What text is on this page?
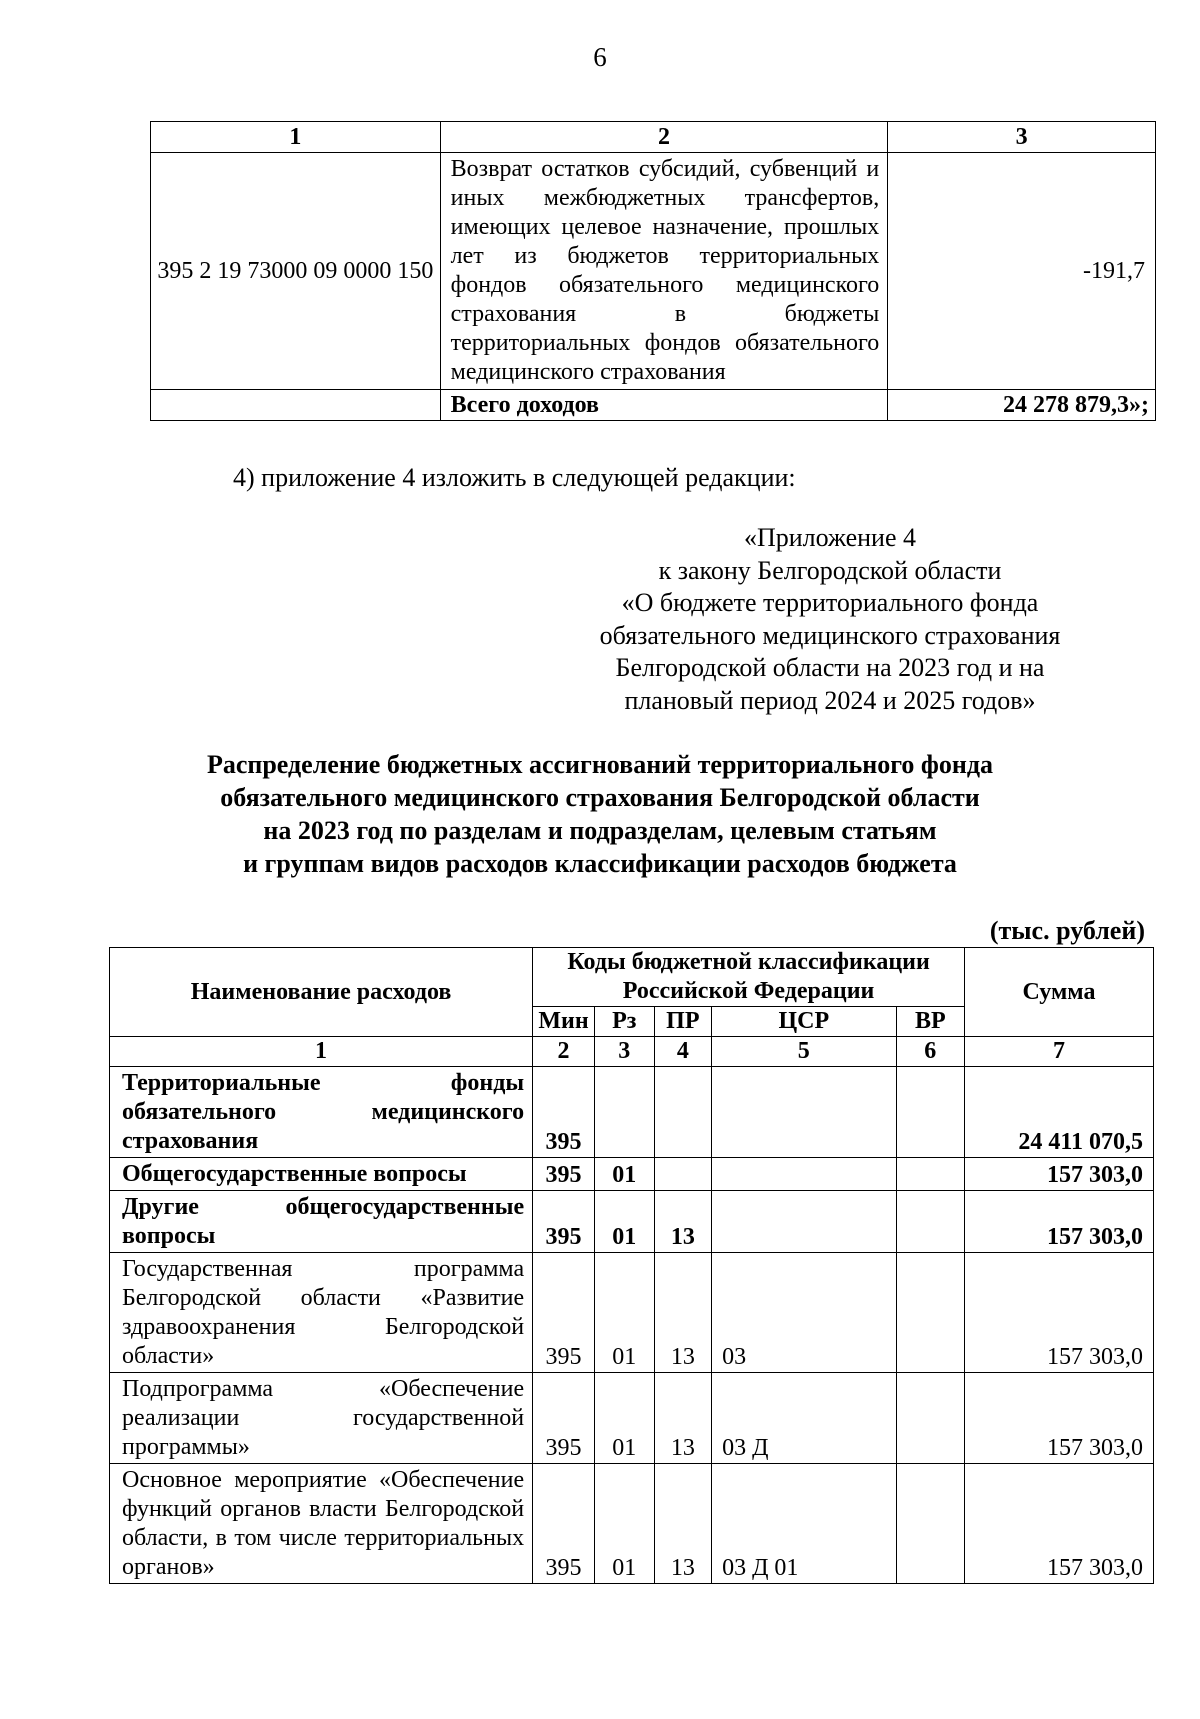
6
1	2	3
395 2 19 73000 09 0000 150	Возврат остатков субсидий, субвенций и иных межбюджетных трансфертов, имеющих целевое назначение, прошлых лет из бюджетов территориальных фондов обязательного медицинского страхования в бюджеты территориальных фондов обязательного медицинского страхования	-191,7
	Всего доходов	24 278 879,3»;
4) приложение 4 изложить в следующей редакции:
«Приложение 4
к закону Белгородской области
«О бюджете территориального фонда
обязательного медицинского страхования
Белгородской области на 2023 год и на
плановый период 2024 и 2025 годов»
Распределение бюджетных ассигнований территориального фонда
обязательного медицинского страхования Белгородской области
на 2023 год по разделам и подразделам, целевым статьям
и группам видов расходов классификации расходов бюджета
(тыс. рублей)
Наименование расходов	Коды бюджетной классификации Российской Федерации					Сумма
	Мин	Рз	ПР	ЦСР	ВР	
1	2	3	4	5	6	7
Территориальные фонды обязательного медицинского страхования	395					24 411 070,5
Общегосударственные вопросы	395	01				157 303,0
Другие общегосударственные вопросы	395	01	13			157 303,0
Государственная программа Белгородской области «Развитие здравоохранения Белгородской области»	395	01	13	03		157 303,0
Подпрограмма «Обеспечение реализации государственной программы»	395	01	13	03 Д		157 303,0
Основное мероприятие «Обеспечение функций органов власти Белгородской области, в том числе территориальных органов»	395	01	13	03 Д 01		157 303,0
